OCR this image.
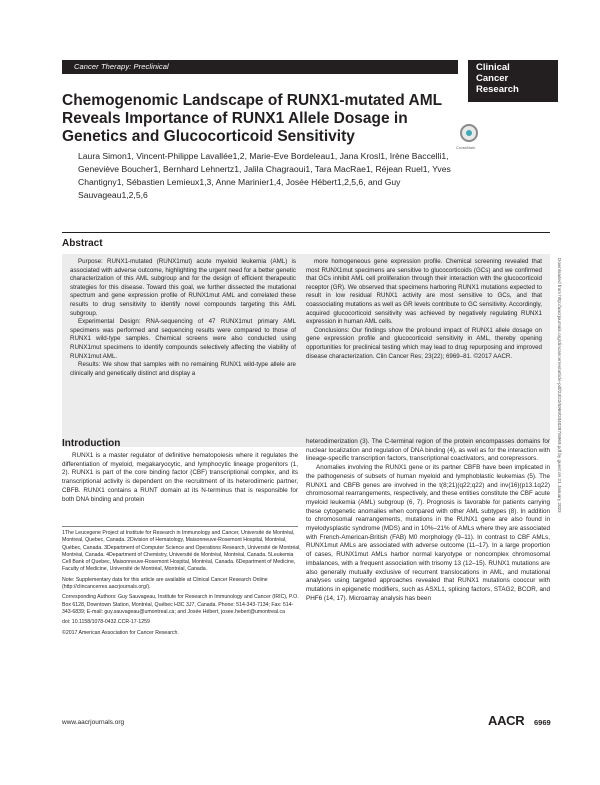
Cancer Therapy: Preclinical	Clinical
Cancer
Research
Chemogenomic Landscape of RUNX1-mutated AML Reveals Importance of RUNX1 Allele Dosage in Genetics and Glucocorticoid Sensitivity
CrossMark
Laura Simon1, Vincent-Philippe Lavallée1,2, Marie-Eve Bordeleau1, Jana Krosl1, Irène Baccelli1, Geneviève Boucher1, Bernhard Lehnertz1, Jalila Chagraoui1, Tara MacRae1, Réjean Ruel1, Yves Chantigny1, Sébastien Lemieux1,3, Anne Marinier1,4, Josée Hébert1,2,5,6, and Guy Sauvageau1,2,5,6
Abstract

Purpose: RUNX1-mutated (RUNX1mut) acute myeloid leukemia (AML) is associated with adverse outcome, highlighting the urgent need for a better genetic characterization of this AML subgroup and for the design of efficient therapeutic strategies for this disease. Toward this goal, we further dissected the mutational spectrum and gene expression profile of RUNX1mut AML and correlated these results to drug sensitivity to identify novel compounds targeting this AML subgroup.

Experimental Design: RNA-sequencing of 47 RUNX1mut primary AML specimens was performed and sequencing results were compared to those of RUNX1 wild-type samples. Chemical screens were also conducted using RUNX1mut specimens to identify compounds selectively affecting the viability of RUNX1mut AML.

Results: We show that samples with no remaining RUNX1 wild-type allele are clinically and genetically distinct and display a

more homogeneous gene expression profile. Chemical screening revealed that most RUNX1mut specimens are sensitive to glucocorticoids (GCs) and we confirmed that GCs inhibit AML cell proliferation through their interaction with the glucocorticoid receptor (GR). We observed that specimens harboring RUNX1 mutations expected to result in low residual RUNX1 activity are most sensitive to GCs, and that coassociating mutations as well as GR levels contribute to GC sensitivity. Accordingly, acquired glucocorticoid sensitivity was achieved by negatively regulating RUNX1 expression in human AML cells.

Conclusions: Our findings show the profound impact of RUNX1 allele dosage on gene expression profile and glucocorticoid sensitivity in AML, thereby opening opportunities for preclinical testing which may lead to drug repurposing and improved disease characterization. Clin Cancer Res; 23(22); 6969–81. ©2017 AACR.	Downloaded from http://aacrjournals.org/clincancerres/article-pdf/23/22/6969/2040287/6969.pdf by guest on 21 January 2023
Introduction

RUNX1 is a master regulator of definitive hematopoiesis where it regulates the differentiation of myeloid, megakaryocytic, and lymphocytic lineage progenitors (1, 2). RUNX1 is part of the core binding factor (CBF) transcriptional complex, and its transcriptional activity is dependent on the recruitment of its heterodimeric partner, CBFB. RUNX1 contains a RUNT domain at its N-terminus that is responsible for both DNA binding and protein

1The Leucegene Project at Institute for Research in Immunology and Cancer, Université de Montréal, Montreal, Quebec, Canada. 2Division of Hematology, Maisonneuve-Rosemont Hospital, Montréal, Québec, Canada. 3Department of Computer Science and Operations Research, Université de Montréal, Montréal, Canada. 4Department of Chemistry, Université de Montréal, Montréal, Canada. 5Leukemia Cell Bank of Quebec, Maisonneuve-Rosemont Hospital, Montréal, Canada. 6Department of Medicine, Faculty of Medicine, Université de Montréal, Montréal, Canada.

Note: Supplementary data for this article are available at Clinical Cancer Research Online (http://clincancerres.aacrjournals.org/).

Corresponding Authors: Guy Sauvageau, Institute for Research in Immunology and Cancer (IRIC), P.O. Box 6128, Downtown Station, Montréal, Québec H3C 3J7, Canada. Phone: 514-343-7134; Fax: 514-343-6839; E-mail: guy.sauvageau@umontreal.ca; and Josée Hébert, josee.hebert@umontreal.ca

doi: 10.1158/1078-0432.CCR-17-1259

©2017 American Association for Cancer Research.

heterodimerization (3). The C-terminal region of the protein encompasses domains for nuclear localization and regulation of DNA binding (4), as well as for the interaction with lineage-specific transcription factors, transcriptional coactivators, and corepressors.

Anomalies involving the RUNX1 gene or its partner CBFB have been implicated in the pathogenesis of subsets of human myeloid and lymphoblastic leukemias (5). The RUNX1 and CBFB genes are involved in the t(8;21)(q22;q22) and inv(16)(p13.1q22) chromosomal rearrangements, respectively, and these entities constitute the CBF acute myeloid leukemia (AML) subgroup (6, 7). Prognosis is favorable for patients carrying these cytogenetic anomalies when compared with other AML subtypes (8). In addition to chromosomal rearrangements, mutations in the RUNX1 gene are also found in myelodysplastic syndrome (MDS) and in 10%–21% of AMLs where they are associated with French-American-British (FAB) M0 morphology (9–11). In contrast to CBF AMLs, RUNX1mut AMLs are associated with adverse outcome (11–17). In a large proportion of cases, RUNX1mut AMLs harbor normal karyotype or noncomplex chromosomal imbalances, with a frequent association with trisomy 13 (12–15). RUNX1 mutations are also generally mutually exclusive of recurrent translocations in AML, and mutational analyses using targeted approaches revealed that RUNX1 mutations cooccur with mutations in epigenetic modifiers, such as ASXL1, splicing factors, STAG2, BCOR, and PHF6 (14, 17). Microarray analysis has been

www.aacrjournals.org	AACR 6969
